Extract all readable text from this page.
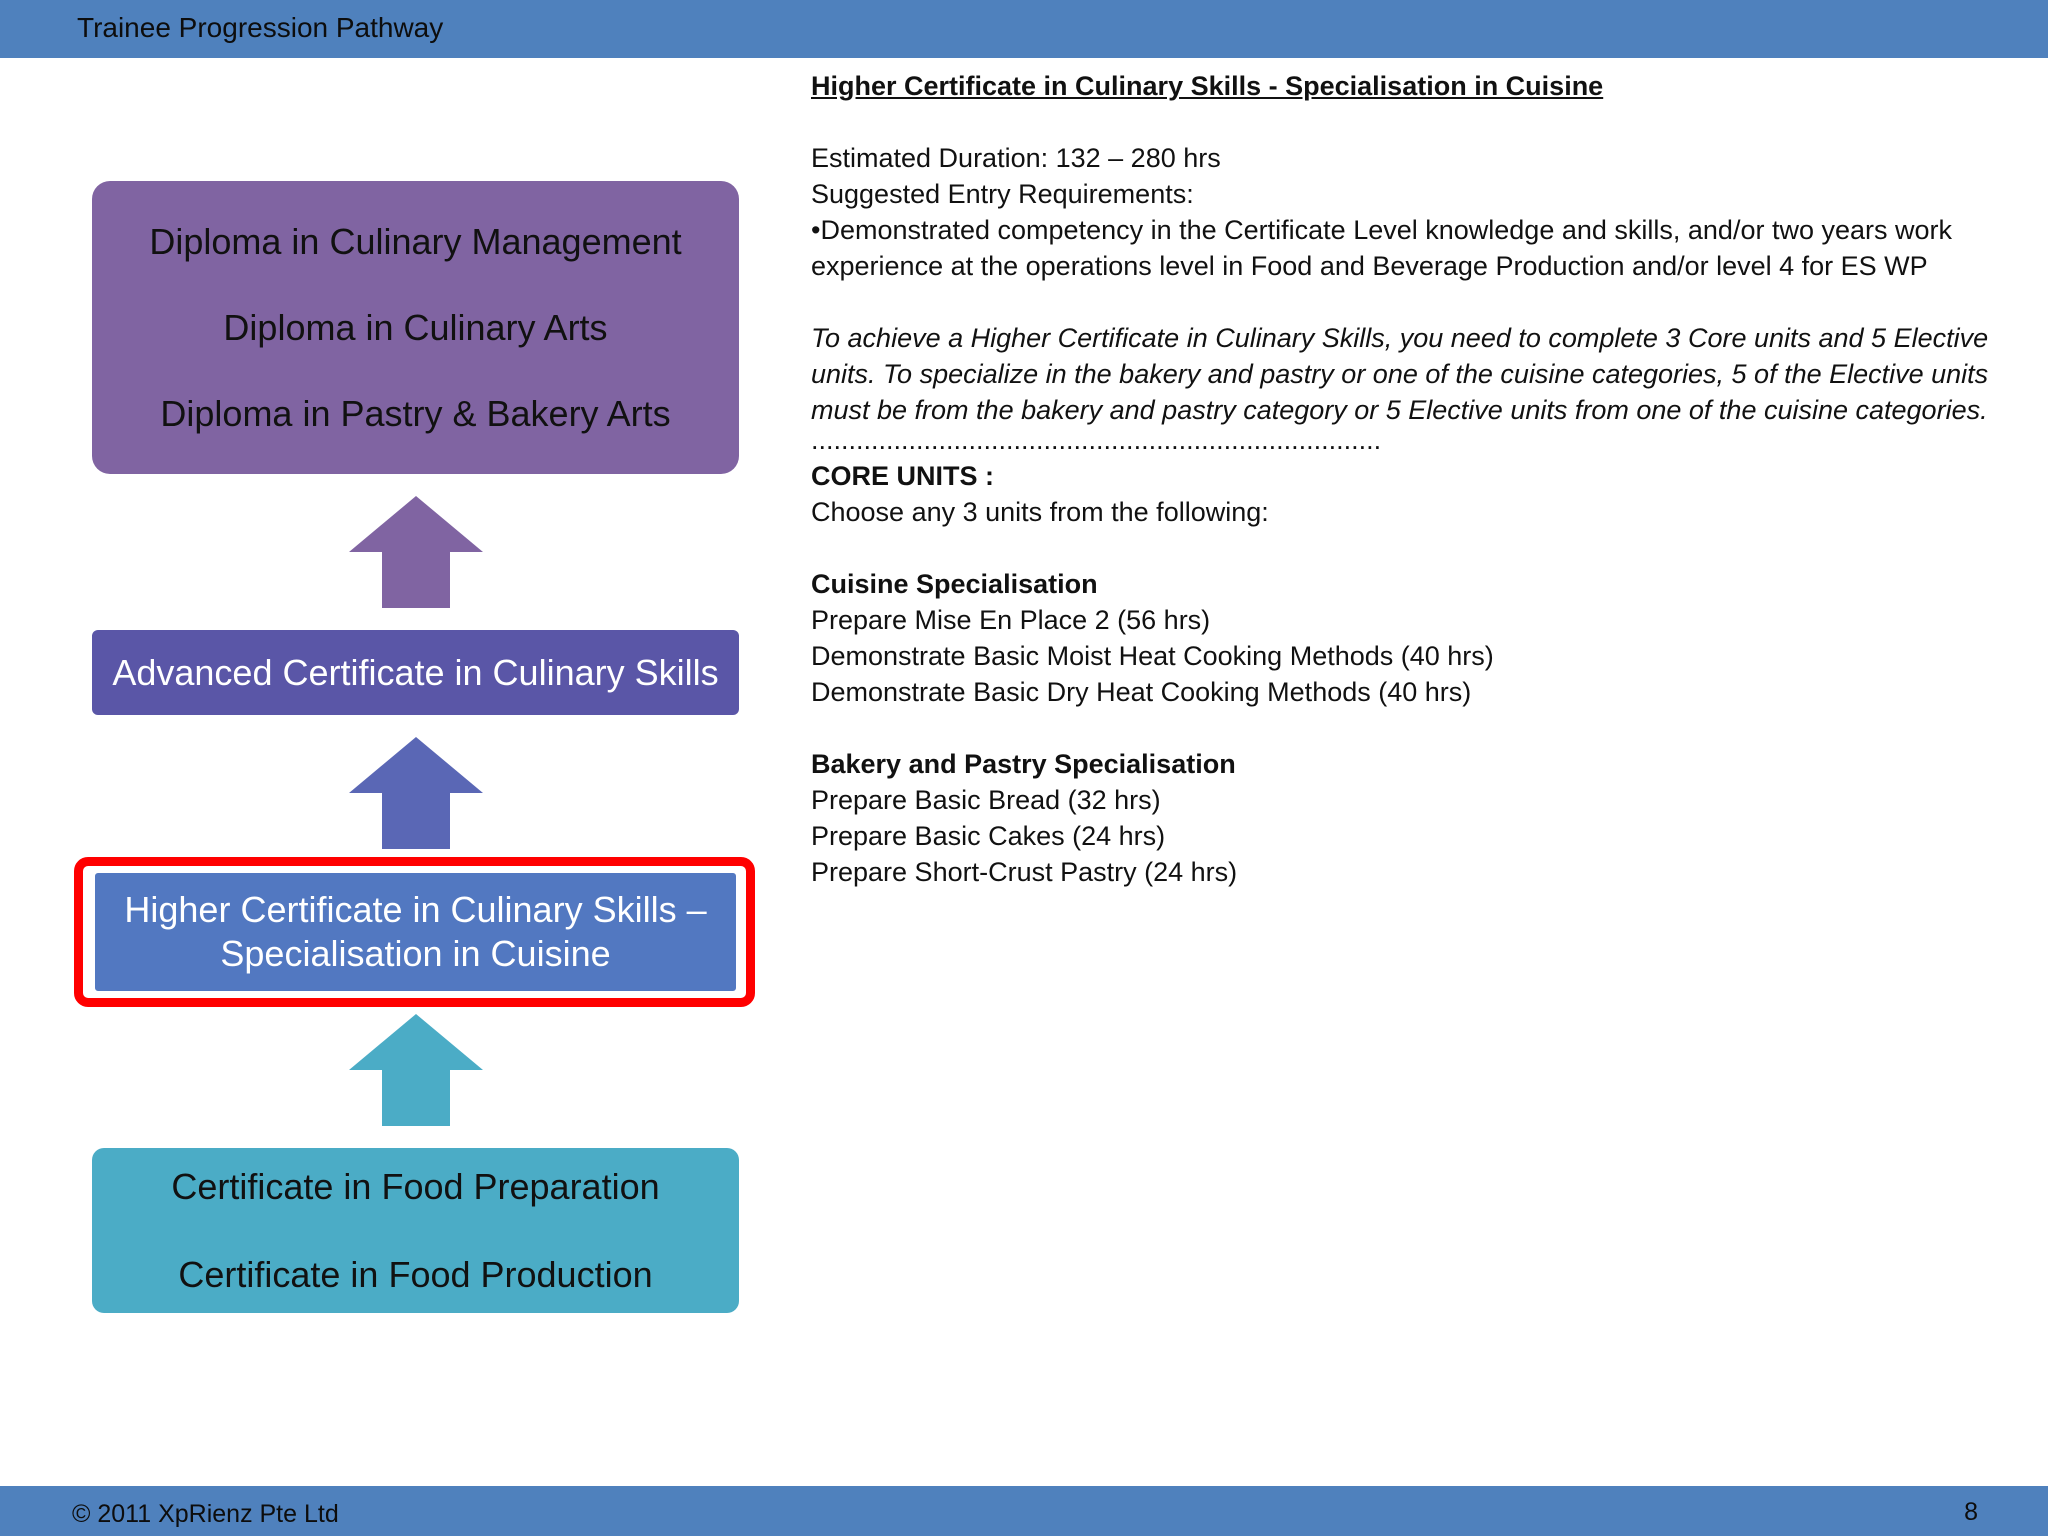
Trainee Progression Pathway
Diploma in Culinary Management
Diploma in Culinary Arts
Diploma in Pastry & Bakery Arts
Advanced Certificate in Culinary Skills
Higher Certificate in Culinary Skills –
Specialisation in Cuisine
Certificate in Food Preparation
Certificate in Food Production
Higher Certificate in Culinary Skills - Specialisation in Cuisine
Estimated Duration: 132 – 280 hrs
Suggested Entry Requirements:
•Demonstrated competency in the Certificate Level knowledge and skills, and/or two years work
experience at the operations level in Food and Beverage Production and/or level 4 for ES WP
To achieve a Higher Certificate in Culinary Skills, you need to complete 3 Core units and 5 Elective
units. To specialize in the bakery and pastry or one of the cuisine categories, 5 of the Elective units
must be from the bakery and pastry category or 5 Elective units from one of the cuisine categories.
............................................................................
CORE UNITS :
Choose any 3 units from the following:
Cuisine Specialisation
Prepare Mise En Place 2 (56 hrs)
Demonstrate Basic Moist Heat Cooking Methods (40 hrs)
Demonstrate Basic Dry Heat Cooking Methods (40 hrs)
Bakery and Pastry Specialisation
Prepare Basic Bread (32 hrs)
Prepare Basic Cakes (24 hrs)
Prepare Short-Crust Pastry (24 hrs)
© 2011 XpRienz Pte Ltd	8
